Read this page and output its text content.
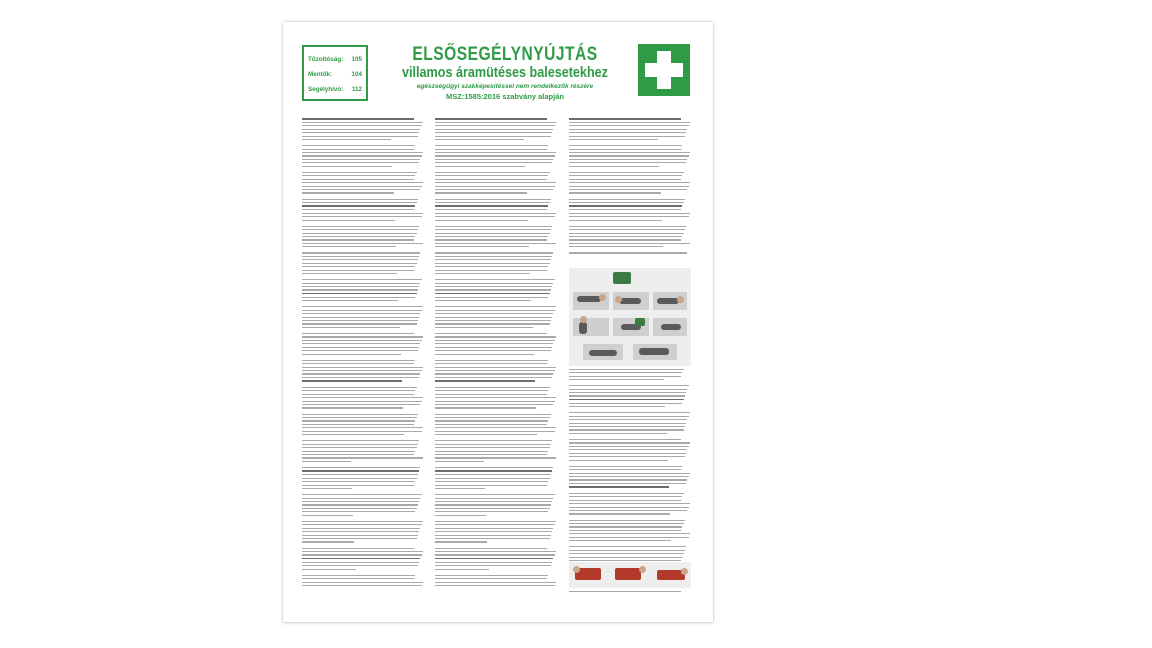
Tűzoltóság: 105
Mentők:	104
Segélyhívó: 112
ELSŐSEGÉLYNYÚJTÁS
villamos áramütéses balesetekhez
egészségügyi szakképesítéssel nem rendelkezők részére
MSZ:1585:2016 szabvány alapján
